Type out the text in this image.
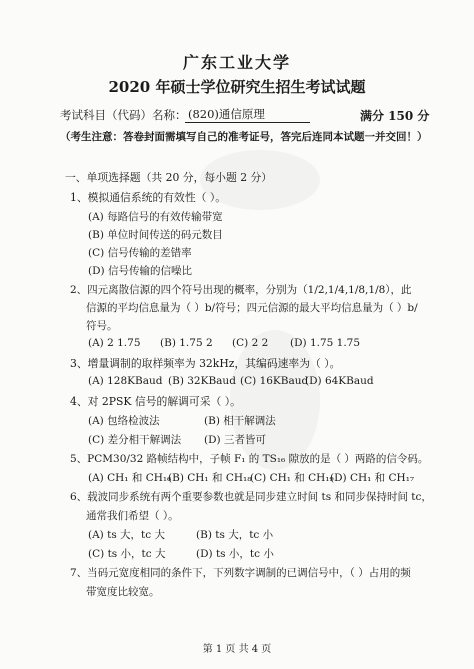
广东工业大学
2020 年硕士学位研究生招生考试试题
考试科目（代码）名称： (820)通信原理	满分 150 分
（考生注意：答卷封面需填写自己的准考证号，答完后连同本试题一并交回！）
一、单项选择题（共 20 分，每小题 2 分）
1、模拟通信系统的有效性（ ）。
(A) 每路信号的有效传输带宽
(B) 单位时间传送的码元数目
(C) 信号传输的差错率
(D) 信号传输的信噪比
2、四元离散信源的四个符号出现的概率，分别为（1/2,1/4,1/8,1/8），此
信源的平均信息量为（ ）b/符号；四元信源的最大平均信息量为（ ）b/
符号。
(A) 2 1.75 (B) 1.75 2 (C) 2 2 (D) 1.75 1.75
3、增量调制的取样频率为 32kHz，其编码速率为（ ）。
(A) 128KBaud (B) 32KBaud (C) 16KBaud
(D) 64KBaud
4、对 2PSK 信号的解调可采（ ）。
(A) 包络检波法	(B) 相干解调法
(C) 差分相干解调法 (D) 三者皆可
5、PCM30/32 路帧结构中，子帧 F₁ 的 TS₁₆ 隙放的是（ ）两路的信令码。
(A) CH₁ 和 CH₁₆
(B) CH₁ 和 CH₁₈
(C) CH₁ 和 CH₁₉
(D) CH₁ 和 CH₁₇
6、载波同步系统有两个重要参数也就是同步建立时间 ts 和同步保持时间 tc，
通常我们希望（ ）。
(A) ts 大，tc 大	(B) ts 大，tc 小
(C) ts 小，tc 大	(D) ts 小，tc 小
7、当码元宽度相同的条件下，下列数字调制的已调信号中，（ ）占用的频
带宽度比较宽。
第 1 页 共 4 页
